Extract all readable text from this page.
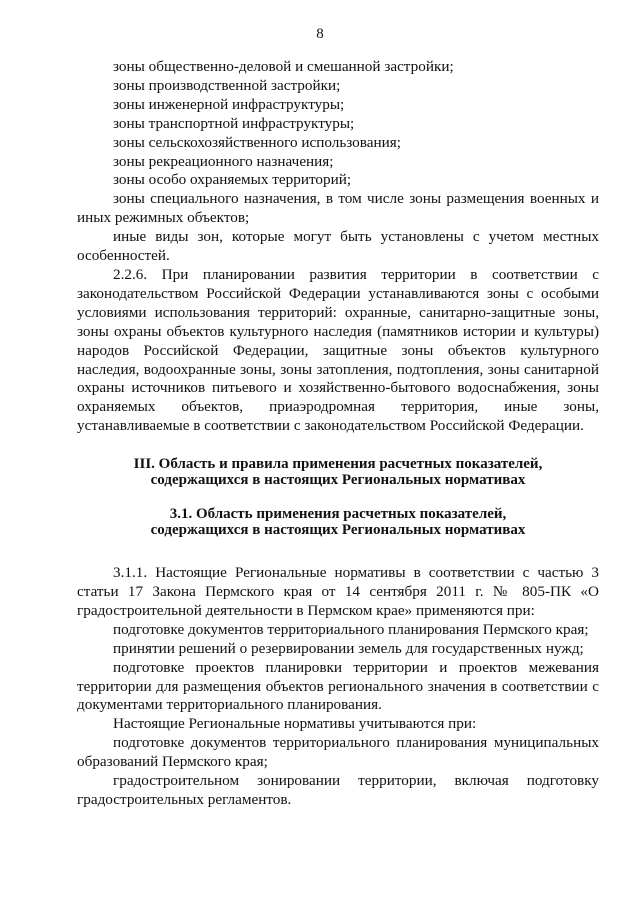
8

зоны общественно-деловой и смешанной застройки;

зоны производственной застройки;

зоны инженерной инфраструктуры;

зоны транспортной инфраструктуры;

зоны сельскохозяйственного использования;

зоны рекреационного назначения;

зоны особо охраняемых территорий;

зоны специального назначения, в том числе зоны размещения военных и иных режимных объектов;

иные виды зон, которые могут быть установлены с учетом местных особенностей.

2.2.6. При планировании развития территории в соответствии с законодательством Российской Федерации устанавливаются зоны с особыми условиями использования территорий: охранные, санитарно-защитные зоны, зоны охраны объектов культурного наследия (памятников истории и культуры) народов Российской Федерации, защитные зоны объектов культурного наследия, водоохранные зоны, зоны затопления, подтопления, зоны санитарной охраны источников питьевого и хозяйственно-бытового водоснабжения, зоны охраняемых объектов, приаэродромная территория, иные зоны, устанавливаемые в соответствии с законодательством Российской Федерации.

III. Область и правила применения расчетных показателей,
содержащихся в настоящих Региональных нормативах
3.1. Область применения расчетных показателей,
содержащихся в настоящих Региональных нормативах

3.1.1. Настоящие Региональные нормативы в соответствии с частью 3 статьи 17 Закона Пермского края от 14 сентября 2011 г. № 805-ПК «О градостроительной деятельности в Пермском крае» применяются при:

подготовке документов территориального планирования Пермского края;

принятии решений о резервировании земель для государственных нужд;

подготовке проектов планировки территории и проектов межевания территории для размещения объектов регионального значения в соответствии с документами территориального планирования.

Настоящие Региональные нормативы учитываются при:

подготовке документов территориального планирования муниципальных образований Пермского края;

градостроительном зонировании территории, включая подготовку градостроительных регламентов.
